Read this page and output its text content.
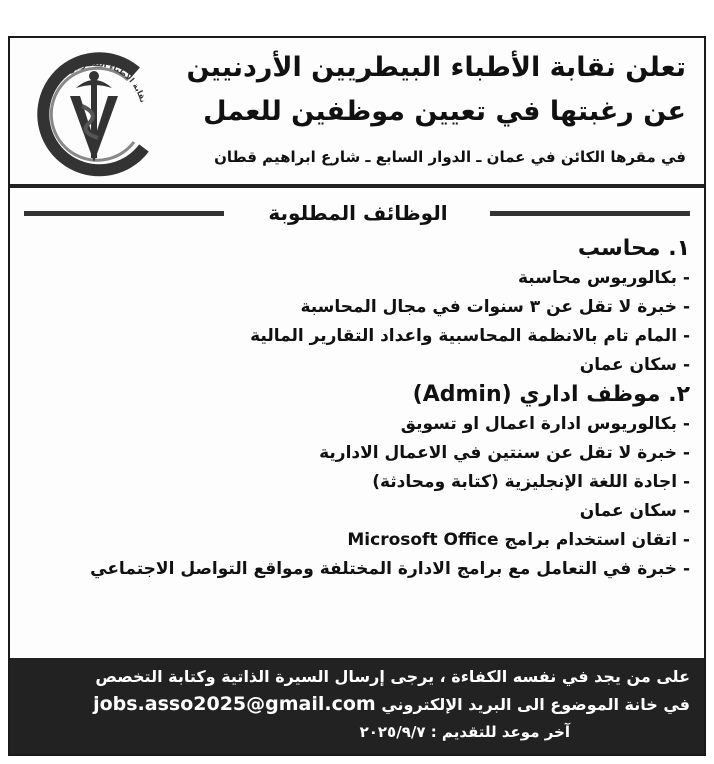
نقابة الأطباء البيطريين الأردنيين
تعلن نقابة الأطباء البيطريين الأردنيين
عن رغبتها في تعيين موظفين للعمل
في مقرها الكائن في عمان ـ الدوار السابع ـ شارع ابراهيم قطان
الوظائف المطلوبة
١. محاسب
- بكالوريوس محاسبة
- خبرة لا تقل عن ٣ سنوات في مجال المحاسبة
- المام تام بالانظمة المحاسبية واعداد التقارير المالية
- سكان عمان
٢. موظف اداري (Admin)
- بكالوريوس ادارة اعمال او تسويق
- خبرة لا تقل عن سنتين في الاعمال الادارية
- اجادة اللغة الإنجليزية (كتابة ومحادثة)
- سكان عمان
- اتقان استخدام برامج Microsoft Office
- خبرة في التعامل مع برامج الادارة المختلفة ومواقع التواصل الاجتماعي
على من يجد في نفسه الكفاءة ، يرجى إرسال السيرة الذاتية وكتابة التخصص
في خانة الموضوع الى البريد الإلكتروني jobs.asso2025@gmail.com
آخر موعد للتقديم : ٢٠٢٥/٩/٧
